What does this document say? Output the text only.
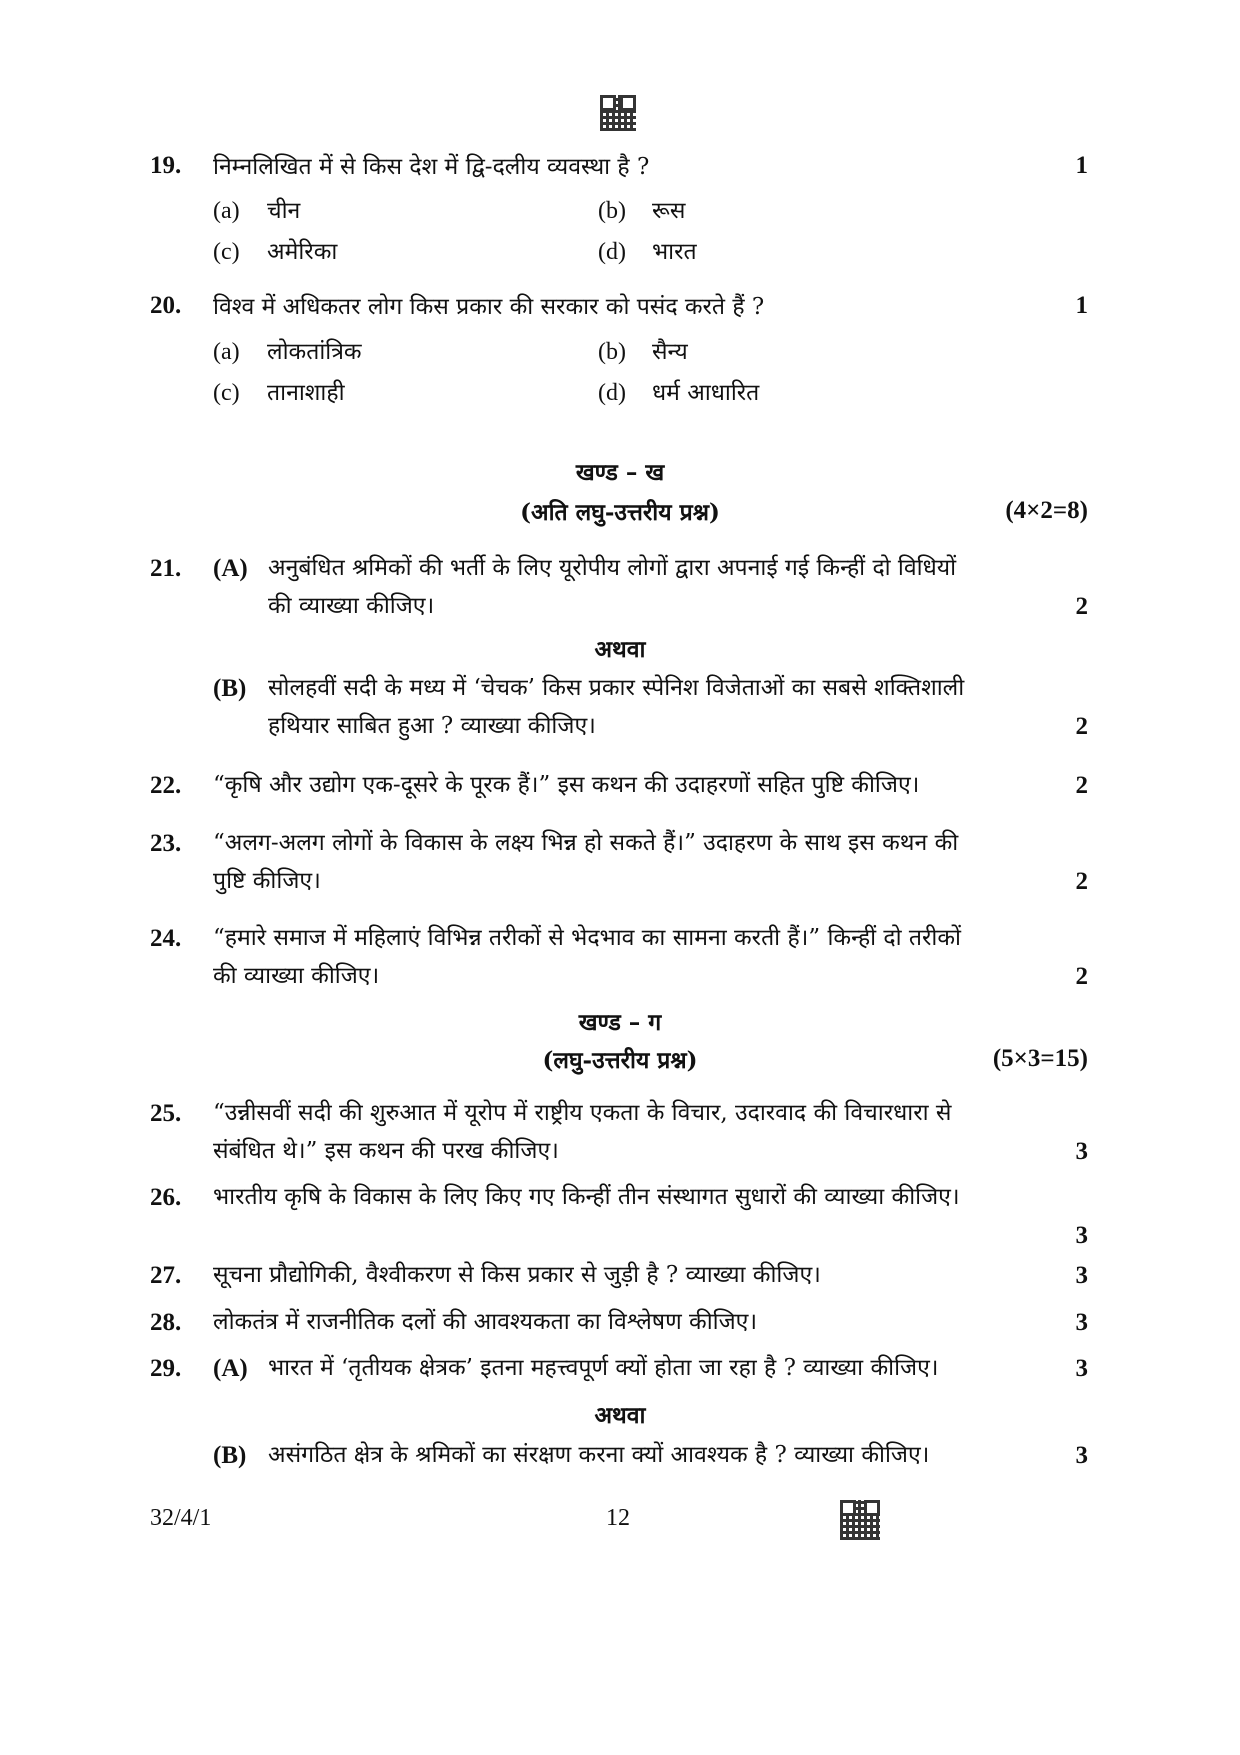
19. निम्नलिखित में से किस देश में द्वि-दलीय व्यवस्था है ?	1
(a) चीन	(b) रूस
(c) अमेरिका	(d) भारत
20. विश्व में अधिकतर लोग किस प्रकार की सरकार को पसंद करते हैं ?	1
(a) लोकतांत्रिक	(b) सैन्य
(c) तानाशाही	(d) धर्म आधारित
खण्ड – ख
(अति लघु-उत्तरीय प्रश्न)	(4×2=8)
21. (A) अनुबंधित श्रमिकों की भर्ती के लिए यूरोपीय लोगों द्वारा अपनाई गई किन्हीं दो विधियों की व्याख्या कीजिए।	2
अथवा
(B) सोलहवीं सदी के मध्य में ‘चेचक’ किस प्रकार स्पेनिश विजेताओं का सबसे शक्तिशाली हथियार साबित हुआ ? व्याख्या कीजिए।	2
22. “कृषि और उद्योग एक-दूसरे के पूरक हैं।” इस कथन की उदाहरणों सहित पुष्टि कीजिए।	2
23. “अलग-अलग लोगों के विकास के लक्ष्य भिन्न हो सकते हैं।” उदाहरण के साथ इस कथन की पुष्टि कीजिए।	2
24. “हमारे समाज में महिलाएं विभिन्न तरीकों से भेदभाव का सामना करती हैं।” किन्हीं दो तरीकों की व्याख्या कीजिए।	2
खण्ड – ग
(लघु-उत्तरीय प्रश्न)	(5×3=15)
25. “उन्नीसवीं सदी की शुरुआत में यूरोप में राष्ट्रीय एकता के विचार, उदारवाद की विचारधारा से संबंधित थे।” इस कथन की परख कीजिए।	3
26. भारतीय कृषि के विकास के लिए किए गए किन्हीं तीन संस्थागत सुधारों की व्याख्या कीजिए।
3
27. सूचना प्रौद्योगिकी, वैश्वीकरण से किस प्रकार से जुड़ी है ? व्याख्या कीजिए।	3
28. लोकतंत्र में राजनीतिक दलों की आवश्यकता का विश्लेषण कीजिए।	3
29. (A) भारत में ‘तृतीयक क्षेत्रक’ इतना महत्त्वपूर्ण क्यों होता जा रहा है ? व्याख्या कीजिए।	3
अथवा
(B) असंगठित क्षेत्र के श्रमिकों का संरक्षण करना क्यों आवश्यक है ? व्याख्या कीजिए।	3
32/4/1	12
